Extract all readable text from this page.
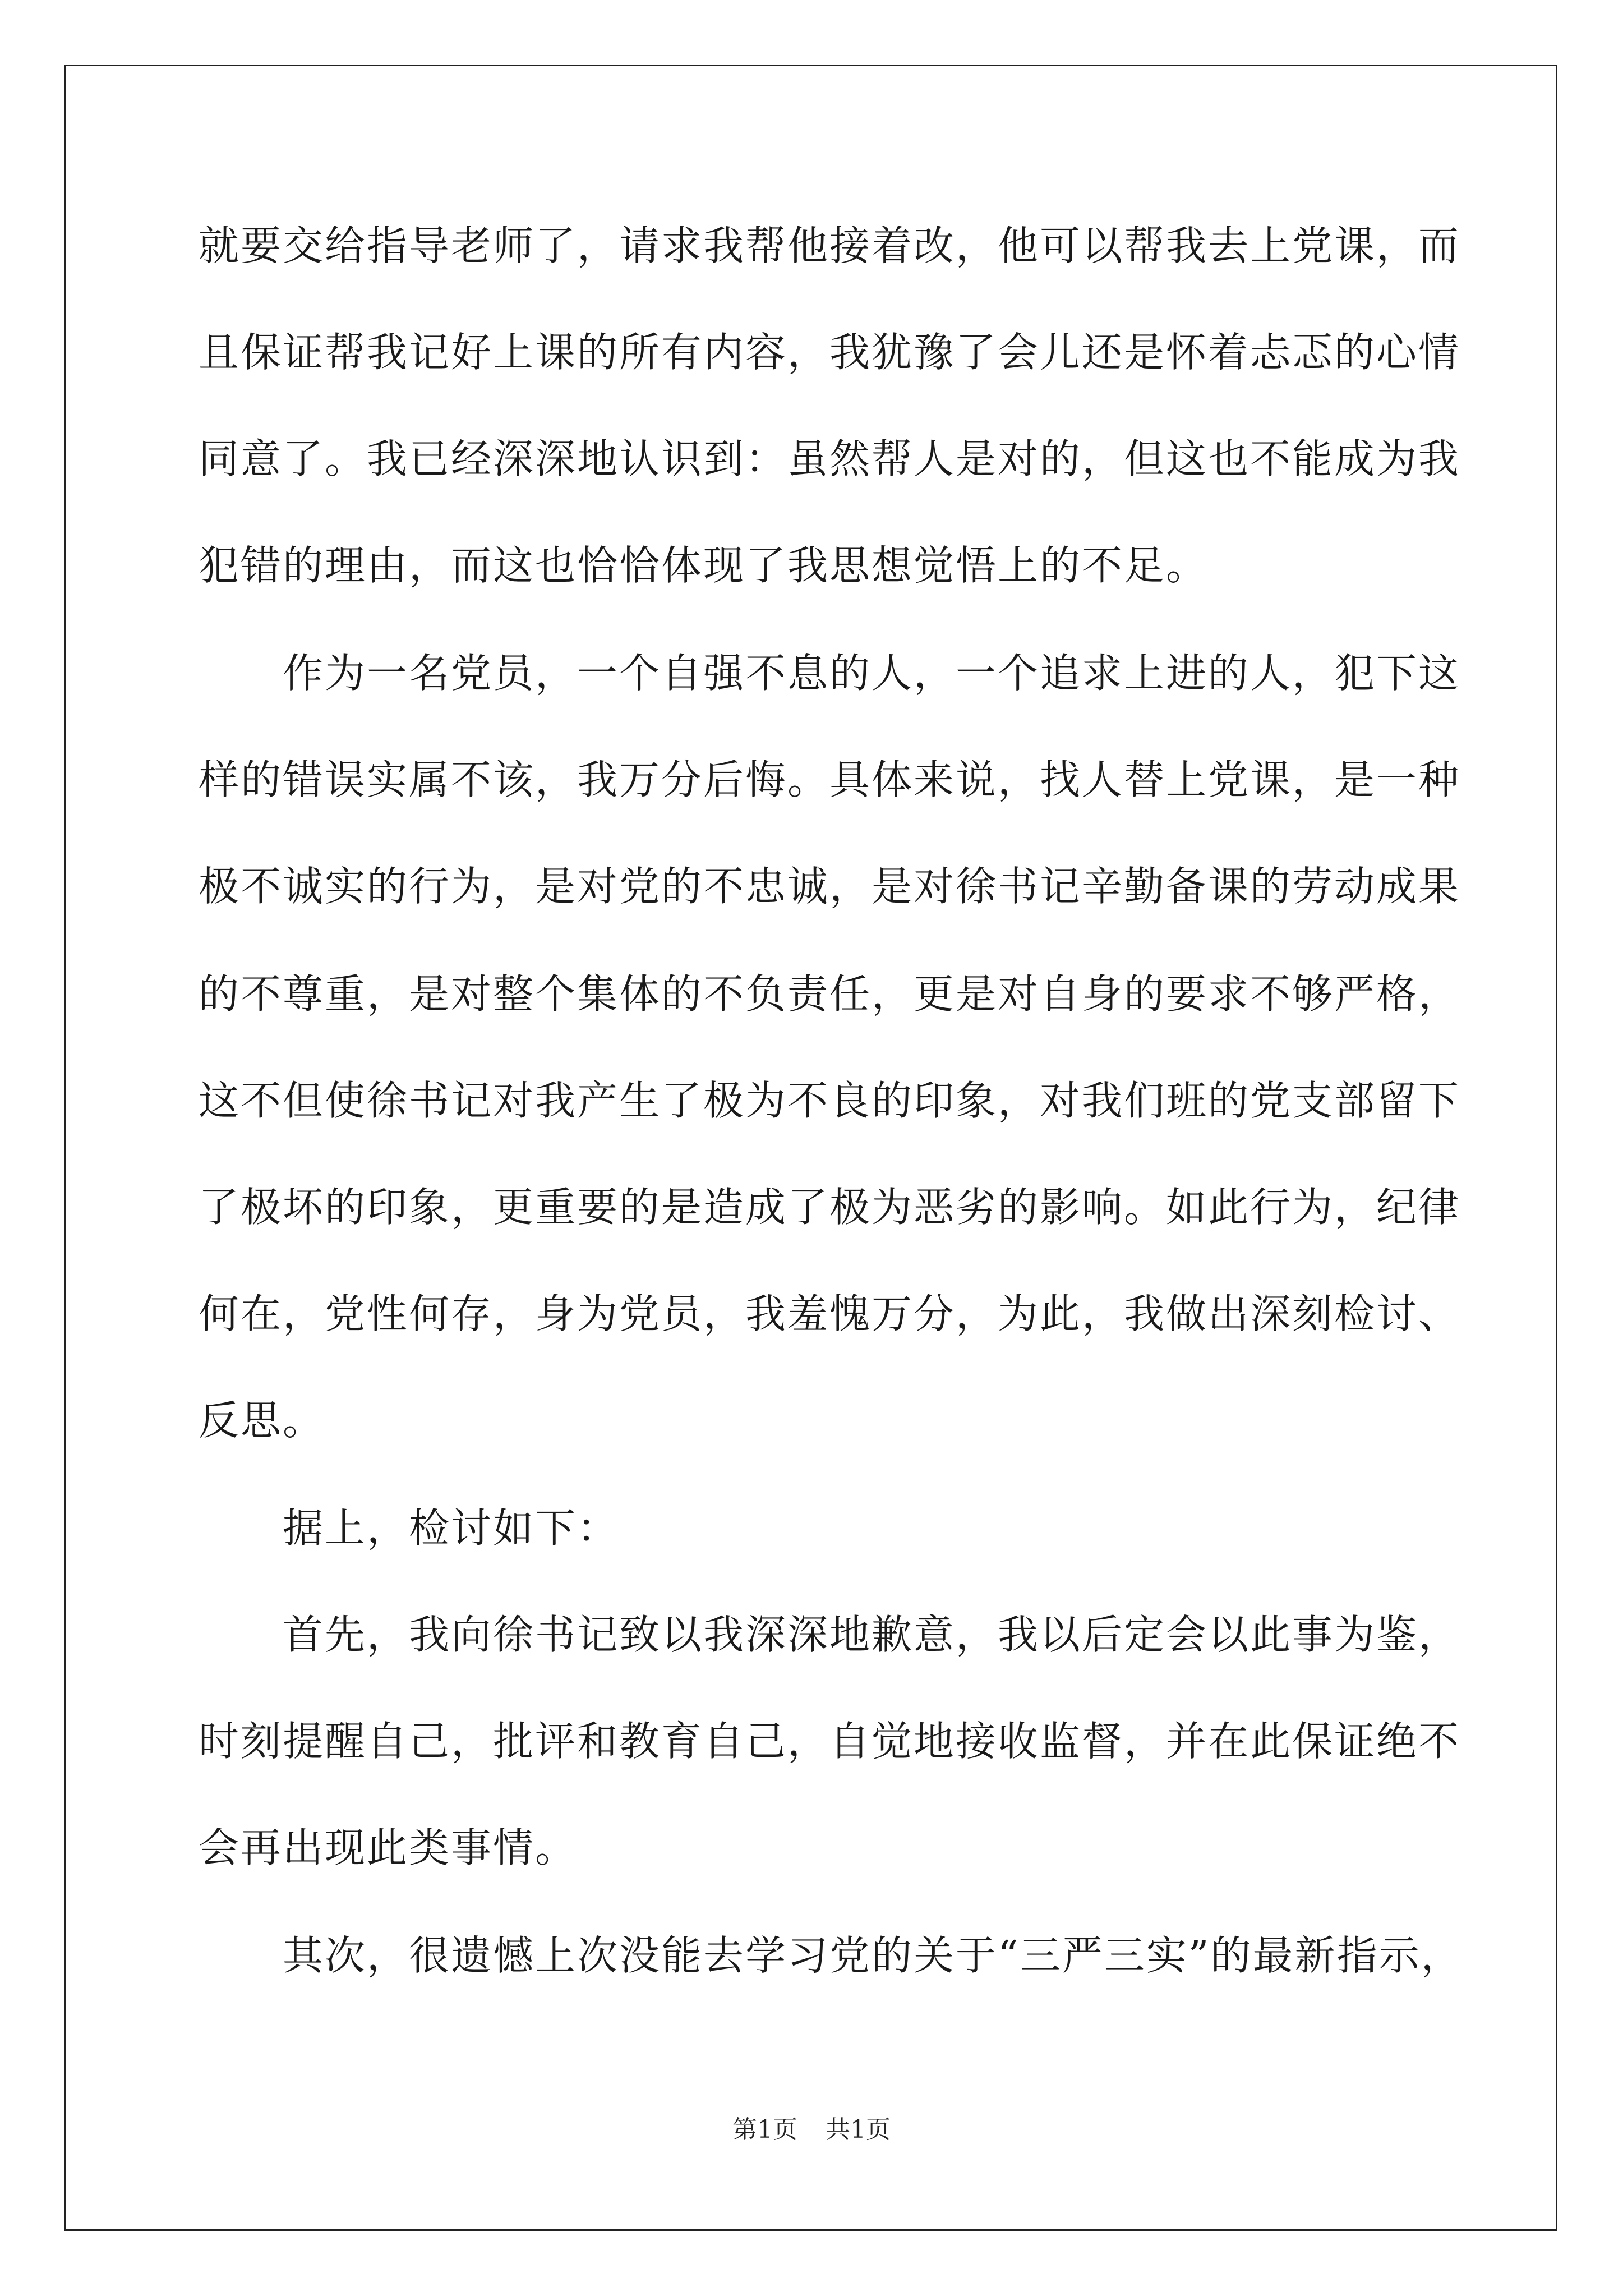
就要交给指导老师了，请求我帮他接着改，他可以帮我去上党课，而
且保证帮我记好上课的所有内容，我犹豫了会儿还是怀着忐忑的心情
同意了。我已经深深地认识到：虽然帮人是对的，但这也不能成为我
犯错的理由，而这也恰恰体现了我思想觉悟上的不足。
　　作为一名党员，一个自强不息的人，一个追求上进的人，犯下这
样的错误实属不该，我万分后悔。具体来说，找人替上党课，是一种
极不诚实的行为，是对党的不忠诚，是对徐书记辛勤备课的劳动成果
的不尊重，是对整个集体的不负责任，更是对自身的要求不够严格，
这不但使徐书记对我产生了极为不良的印象，对我们班的党支部留下
了极坏的印象，更重要的是造成了极为恶劣的影响。如此行为，纪律
何在，党性何存，身为党员，我羞愧万分，为此，我做出深刻检讨、
反思。
　　据上，检讨如下：
　　首先，我向徐书记致以我深深地歉意，我以后定会以此事为鉴，
时刻提醒自己，批评和教育自己，自觉地接收监督，并在此保证绝不
会再出现此类事情。
　　其次，很遗憾上次没能去学习党的关于“三严三实”的最新指示，
第1页 共1页
